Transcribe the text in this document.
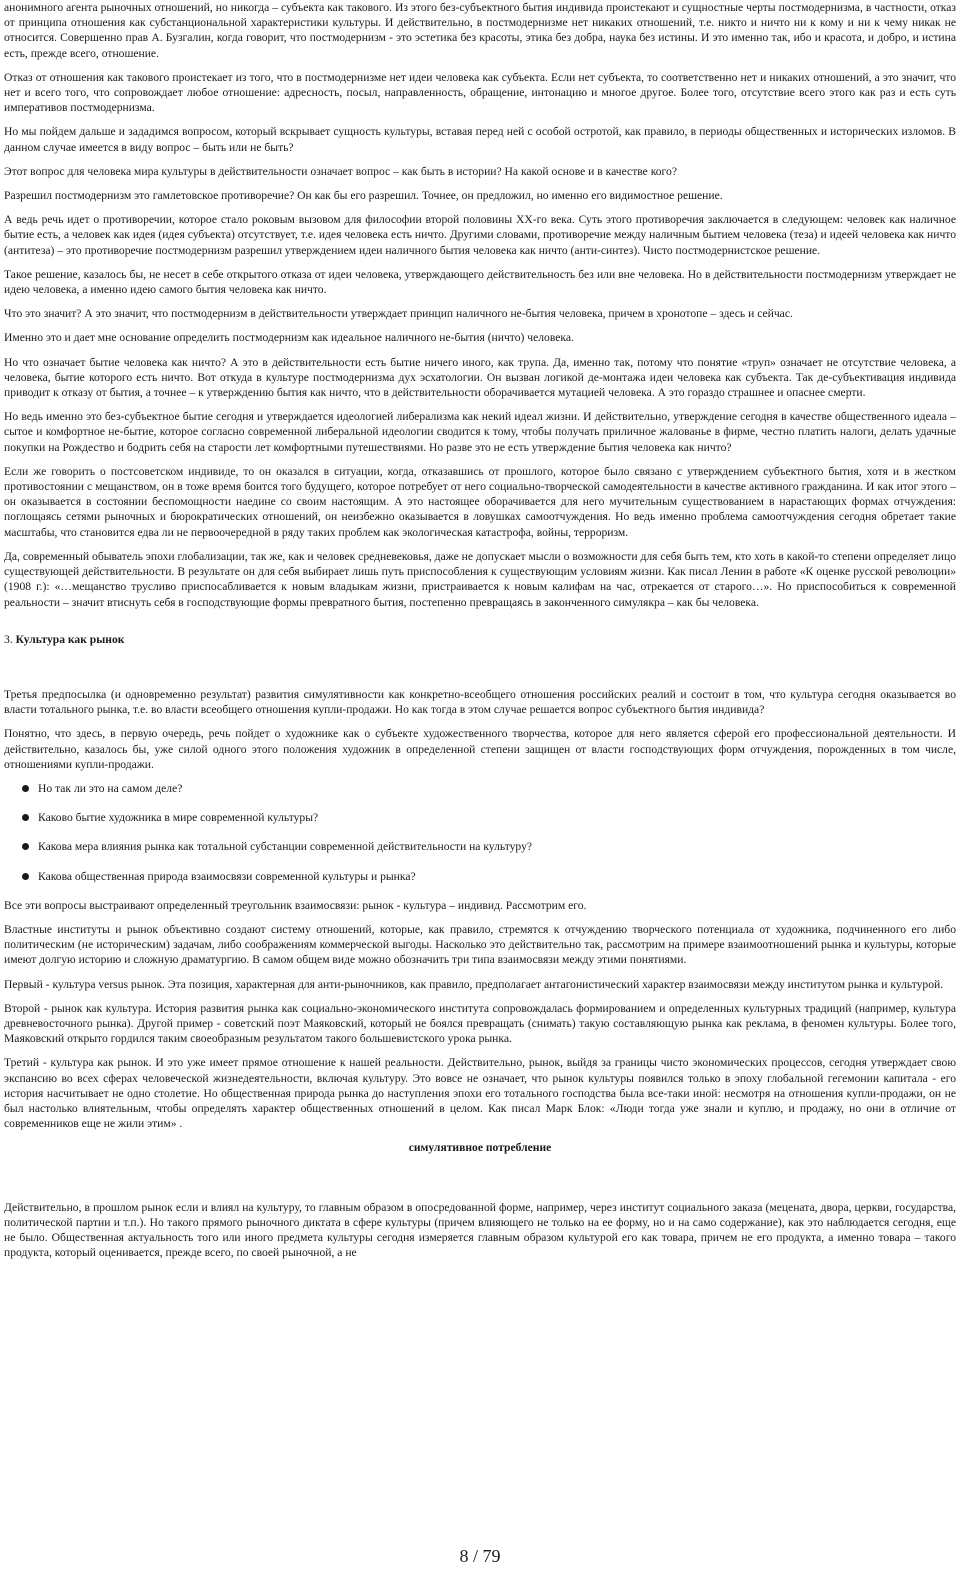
анонимного агента рыночных отношений, но никогда – субъекта как такового. Из этого без-субъектного бытия индивида проистекают и сущностные черты постмодернизма, в частности, отказ от принципа отношения как субстанциональной характеристики культуры. И действительно, в постмодернизме нет никаких отношений, т.е. никто и ничто ни к кому и ни к чему никак не относится. Совершенно прав А. Бузгалин, когда говорит, что постмодернизм - это эстетика без красоты, этика без добра, наука без истины. И это именно так, ибо и красота, и добро, и истина есть, прежде всего, отношение.

Отказ от отношения как такового проистекает из того, что в постмодернизме нет идеи человека как субъекта. Если нет субъекта, то соответственно нет и никаких отношений, а это значит, что нет и всего того, что сопровождает любое отношение: адресность, посыл, направленность, обращение, интонацию и многое другое. Более того, отсутствие всего этого как раз и есть суть императивов постмодернизма.

Но мы пойдем дальше и зададимся вопросом, который вскрывает сущность культуры, вставая перед ней с особой остротой, как правило, в периоды общественных и исторических изломов. В данном случае имеется в виду вопрос – быть или не быть?

Этот вопрос для человека мира культуры в действительности означает вопрос – как быть в истории? На какой основе и в качестве кого?

Разрешил постмодернизм это гамлетовское противоречие? Он как бы его разрешил. Точнее, он предложил, но именно его видимостное решение.

А ведь речь идет о противоречии, которое стало роковым вызовом для философии второй половины ХХ-го века. Суть этого противоречия заключается в следующем: человек как наличное бытие есть, а человек как идея (идея субъекта) отсутствует, т.е. идея человека есть ничто. Другими словами, противоречие между наличным бытием человека (теза) и идеей человека как ничто (антитеза) – это противоречие постмодернизм разрешил утверждением идеи наличного бытия человека как ничто (анти-синтез). Чисто постмодернистское решение.

Такое решение, казалось бы, не несет в себе открытого отказа от идеи человека, утверждающего действительность без или вне человека. Но в действительности постмодернизм утверждает не идею человека, а именно идею самого бытия человека как ничто.

Что это значит? А это значит, что постмодернизм в действительности утверждает принцип наличного не-бытия человека, причем в хронотопе – здесь и сейчас.

Именно это и дает мне основание определить постмодернизм как идеальное наличного не-бытия (ничто) человека.

Но что означает бытие человека как ничто? А это в действительности есть бытие ничего иного, как трупа. Да, именно так, потому что понятие «труп» означает не отсутствие человека, а человека, бытие которого есть ничто. Вот откуда в культуре постмодернизма дух эсхатологии. Он вызван логикой де-монтажа идеи человека как субъекта. Так де-субъективация индивида приводит к отказу от бытия, а точнее – к утверждению бытия как ничто, что в действительности оборачивается мутацией человека. А это гораздо страшнее и опаснее смерти.

Но ведь именно это без-субъектное бытие сегодня и утверждается идеологией либерализма как некий идеал жизни. И действительно, утверждение сегодня в качестве общественного идеала – сытое и комфортное не-бытие, которое согласно современной либеральной идеологии сводится к тому, чтобы получать приличное жалованье в фирме, честно платить налоги, делать удачные покупки на Рождество и бодрить себя на старости лет комфортными путешествиями. Но разве это не есть утверждение бытия человека как ничто?

Если же говорить о постсоветском индивиде, то он оказался в ситуации, когда, отказавшись от прошлого, которое было связано с утверждением субъектного бытия, хотя и в жестком противостоянии с мещанством, он в тоже время боится того будущего, которое потребует от него социально-творческой самодеятельности в качестве активного гражданина. И как итог этого – он оказывается в состоянии беспомощности наедине со своим настоящим. А это настоящее оборачивается для него мучительным существованием в нарастающих формах отчуждения: поглощаясь сетями рыночных и бюрократических отношений, он неизбежно оказывается в ловушках самоотчуждения. Но ведь именно проблема самоотчуждения сегодня обретает такие масштабы, что становится едва ли не первоочередной в ряду таких проблем как экологическая катастрофа, войны, терроризм.

Да, современный обыватель эпохи глобализации, так же, как и человек средневековья, даже не допускает мысли о возможности для себя быть тем, кто хоть в какой-то степени определяет лицо существующей действительности. В результате он для себя выбирает лишь путь приспособления к существующим условиям жизни. Как писал Ленин в работе «К оценке русской революции» (1908 г.): «…мещанство трусливо приспосабливается к новым владыкам жизни, пристраивается к новым калифам на час, отрекается от старого…». Но приспособиться к современной реальности – значит втиснуть себя в господствующие формы превратного бытия, постепенно превращаясь в законченного симулякра – как бы человека.

3. Культура как рынок

Третья предпосылка (и одновременно результат) развития симулятивности как конкретно-всеобщего отношения российских реалий и состоит в том, что культура сегодня оказывается во власти тотального рынка, т.е. во власти всеобщего отношения купли-продажи. Но как тогда в этом случае решается вопрос субъектного бытия индивида?

Понятно, что здесь, в первую очередь, речь пойдет о художнике как о субъекте художественного творчества, которое для него является сферой его профессиональной деятельности. И действительно, казалось бы, уже силой одного этого положения художник в определенной степени защищен от власти господствующих форм отчуждения, порожденных в том числе, отношениями купли-продажи.

Но так ли это на самом деле?
Каково бытие художника в мире современной культуры?
Какова мера влияния рынка как тотальной субстанции современной действительности на культуру?
Какова общественная природа взаимосвязи современной культуры и рынка?

Все эти вопросы выстраивают определенный треугольник взаимосвязи: рынок - культура – индивид. Рассмотрим его.

Властные институты и рынок объективно создают систему отношений, которые, как правило, стремятся к отчуждению творческого потенциала от художника, подчиненного его либо политическим (не историческим) задачам, либо соображениям коммерческой выгоды. Насколько это действительно так, рассмотрим на примере взаимоотношений рынка и культуры, которые имеют долгую историю и сложную драматургию. В самом общем виде можно обозначить три типа взаимосвязи между этими понятиями.

Первый - культура versus рынок. Эта позиция, характерная для анти-рыночников, как правило, предполагает антагонистический характер взаимосвязи между институтом рынка и культурой.

Второй - рынок как культура. История развития рынка как социально-экономического института сопровождалась формированием и определенных культурных традиций (например, культура древневосточного рынка). Другой пример - советский поэт Маяковский, который не боялся превращать (снимать) такую составляющую рынка как реклама, в феномен культуры. Более того, Маяковский открыто гордился таким своеобразным результатом такого большевистского урока рынка.

Третий - культура как рынок. И это уже имеет прямое отношение к нашей реальности. Действительно, рынок, выйдя за границы чисто экономических процессов, сегодня утверждает свою экспансию во всех сферах человеческой жизнедеятельности, включая культуру. Это вовсе не означает, что рынок культуры появился только в эпоху глобальной гегемонии капитала - его история насчитывает не одно столетие. Но общественная природа рынка до наступления эпохи его тотального господства была все-таки иной: несмотря на отношения купли-продажи, он не был настолько влиятельным, чтобы определять характер общественных отношений в целом. Как писал Марк Блок: «Люди тогда уже знали и куплю, и продажу, но они в отличие от современников еще не жили этим» .

симулятивное потребление

Действительно, в прошлом рынок если и влиял на культуру, то главным образом в опосредованной форме, например, через институт социального заказа (мецената, двора, церкви, государства, политической партии и т.п.). Но такого прямого рыночного диктата в сфере культуры (причем влияющего не только на ее форму, но и на само содержание), как это наблюдается сегодня, еще не было. Общественная актуальность того или иного предмета культуры сегодня измеряется главным образом культурой его как товара, причем не его продукта, а именно товара – такого продукта, который оценивается, прежде всего, по своей рыночной, а не

8 / 79
